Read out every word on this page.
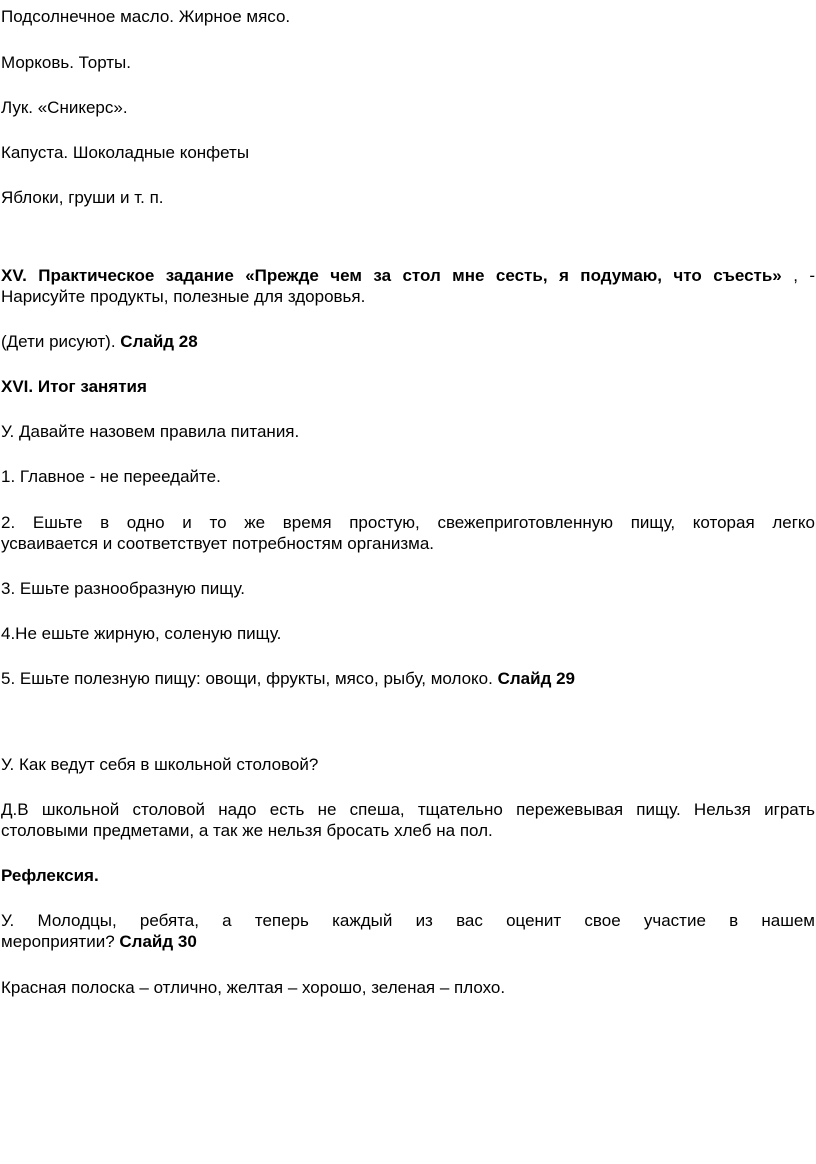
Подсолнечное масло. Жирное мясо.
Морковь. Торты.
Лук. «Сникерс».
Капуста. Шоколадные конфеты
Яблоки, груши и т. п.
XV. Практическое задание «Прежде чем за стол мне сесть, я подумаю, что съесть» , -
Нарисуйте продукты, полезные для здоровья.
(Дети рисуют). Слайд 28
XVI. Итог занятия
У. Давайте назовем правила питания.
1. Главное - не переедайте.
2. Ешьте в одно и то же время простую, свежеприготовленную пищу, которая легко
усваивается и соответствует потребностям организма.
3. Ешьте разнообразную пищу.
4.Не ешьте жирную, соленую пищу.
5. Ешьте полезную пищу: овощи, фрукты, мясо, рыбу, молоко. Слайд 29
У. Как ведут себя в школьной столовой?
Д.В школьной столовой надо есть не спеша, тщательно пережевывая пищу. Нельзя играть
столовыми предметами, а так же нельзя бросать хлеб на пол.
Рефлексия.
У. Молодцы, ребята, а теперь каждый из вас оценит свое участие в нашем
мероприятии? Слайд 30
Красная полоска – отлично, желтая – хорошо, зеленая – плохо.
